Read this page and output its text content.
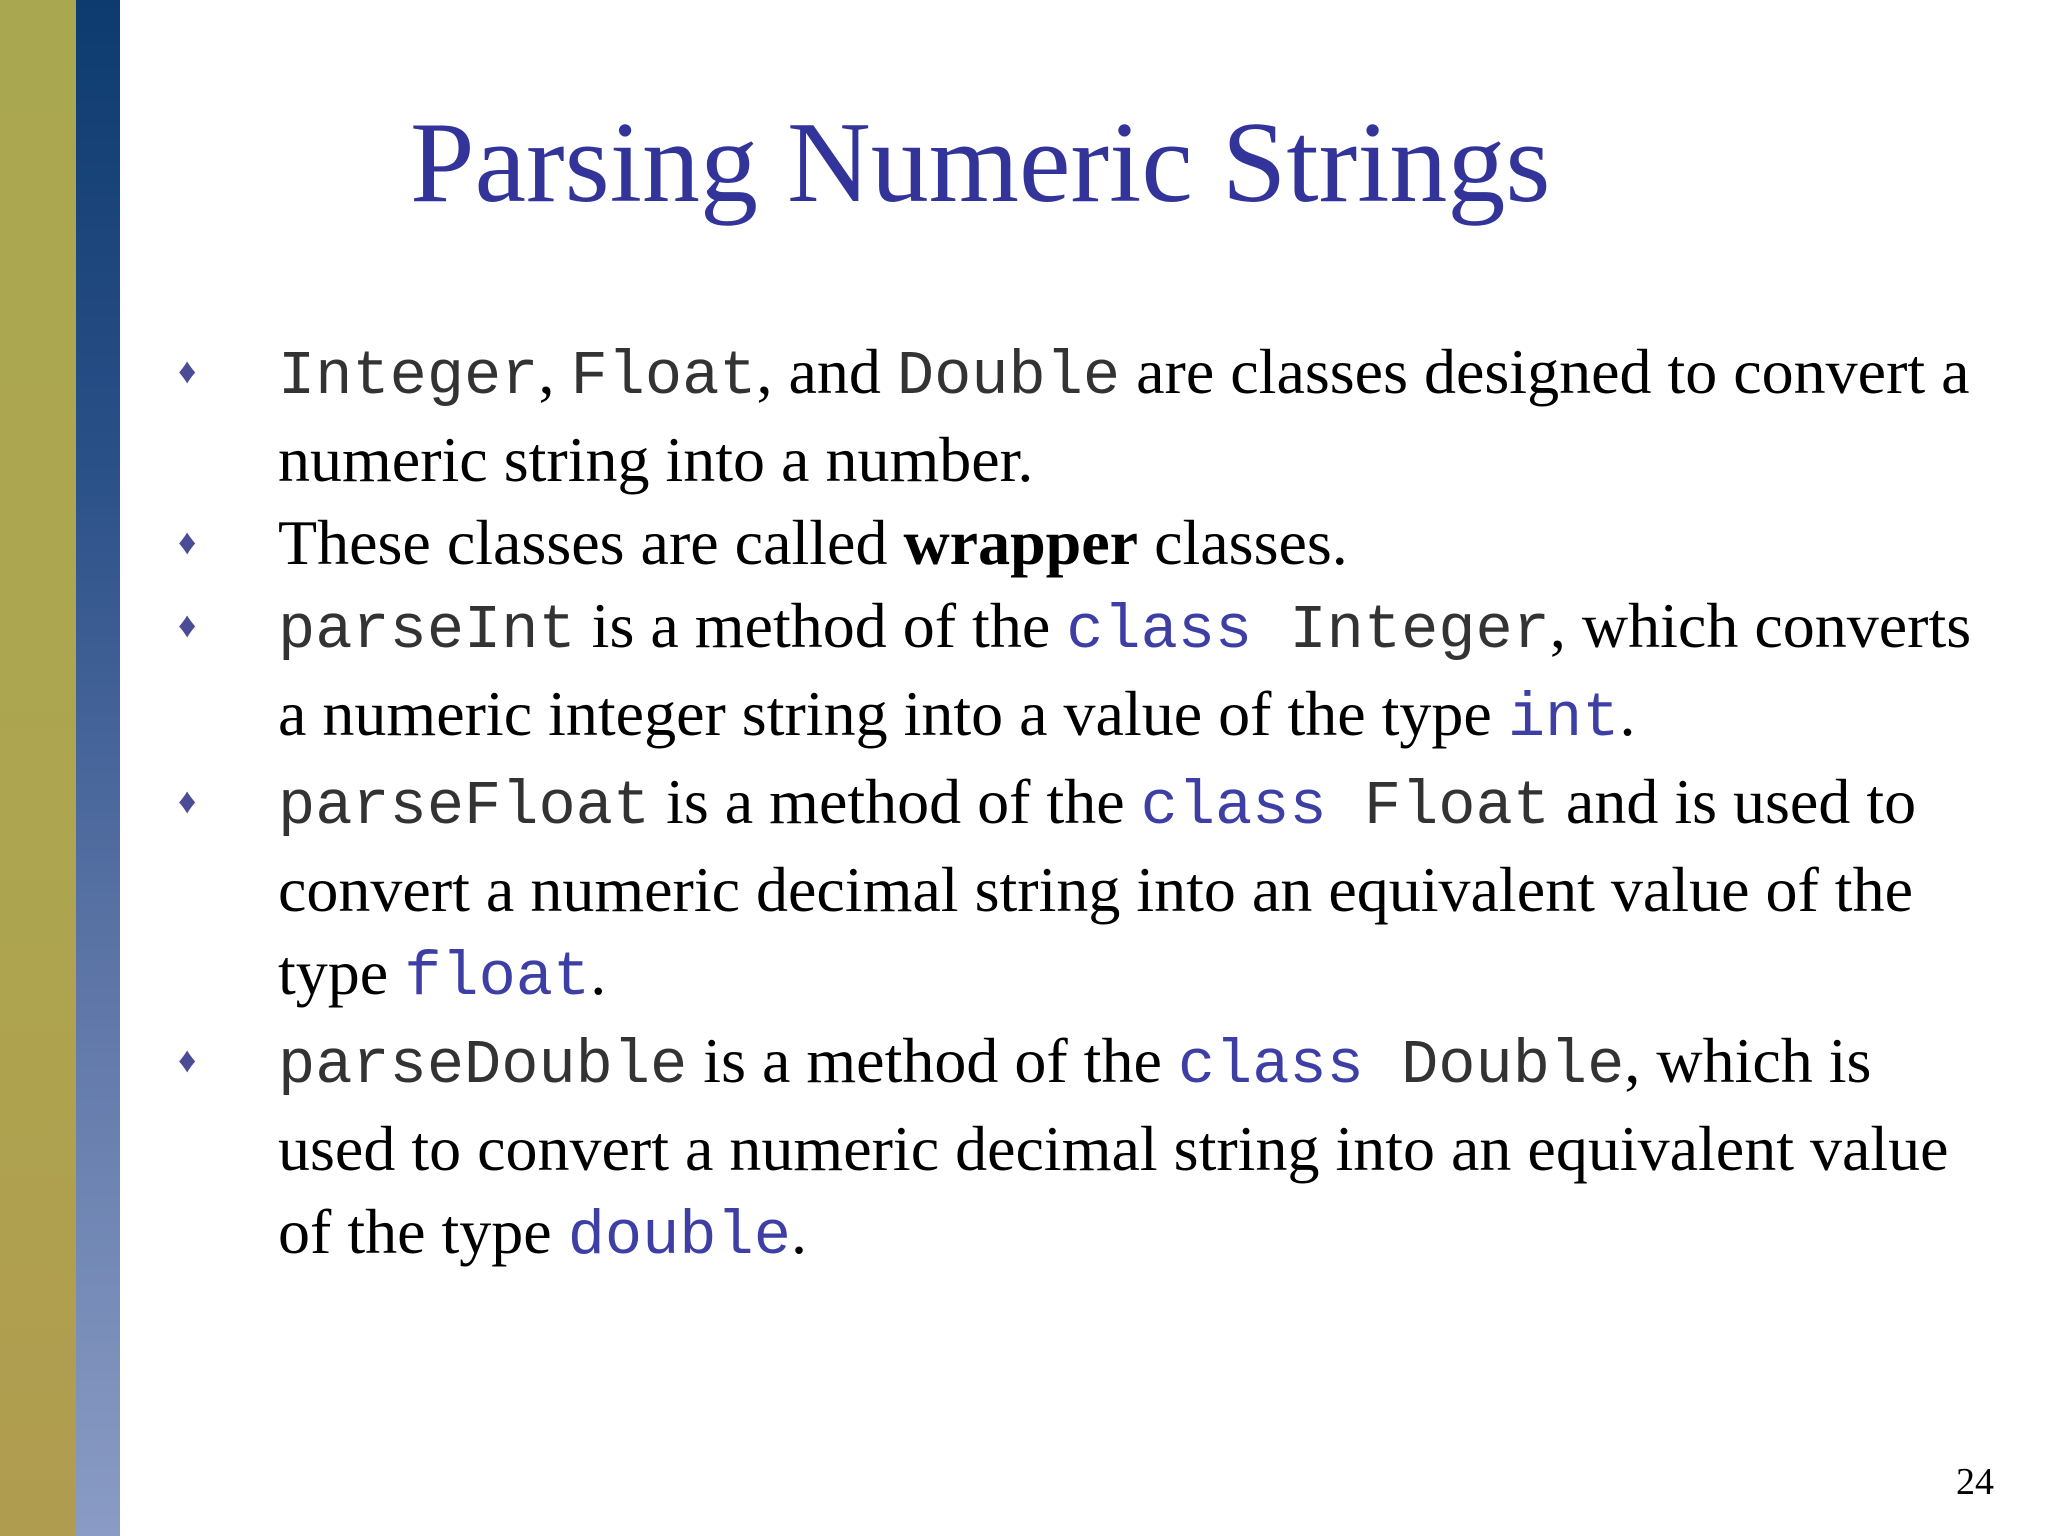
Parsing Numeric Strings
♦ Integer, Float, and Double are classes designed to convert a numeric string into a number.
♦ These classes are called wrapper classes.
♦ parseInt is a method of the class Integer, which converts a numeric integer string into a value of the type int.
♦ parseFloat is a method of the class Float and is used to convert a numeric decimal string into an equivalent value of the type float.
♦ parseDouble is a method of the class Double, which is used to convert a numeric decimal string into an equivalent value of the type double.
24
